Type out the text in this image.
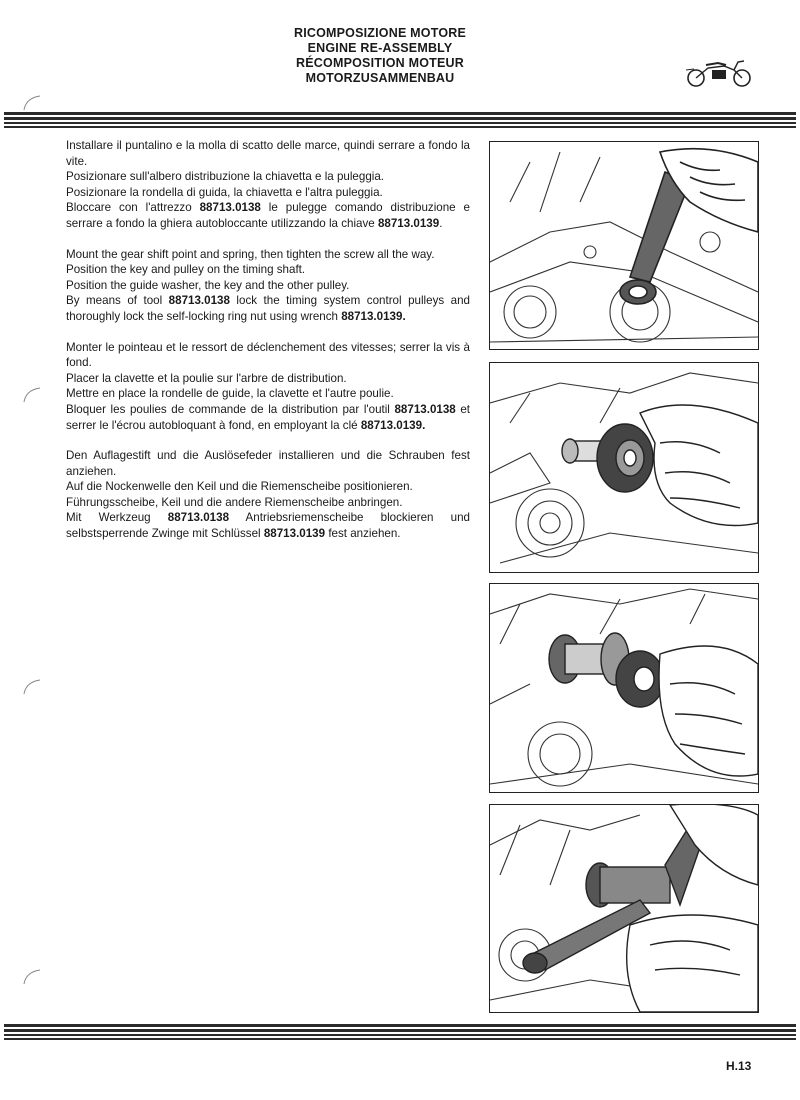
RICOMPOSIZIONE MOTORE
ENGINE RE-ASSEMBLY
RÉCOMPOSITION MOTEUR
MOTORZUSAMMENBAU

Installare il puntalino e la molla di scatto delle marce, quindi serrare a fondo la vite.
Posizionare sull'albero distribuzione la chiavetta e la puleggia.
Posizionare la rondella di guida, la chiavetta e l'altra puleggia.
Bloccare con l'attrezzo 88713.0138 le pulegge comando distribuzione e serrare a fondo la ghiera autobloccante utilizzando la chiave 88713.0139.

Mount the gear shift point and spring, then tighten the screw all the way.
Position the key and pulley on the timing shaft.
Position the guide washer, the key and the other pulley.
By means of tool 88713.0138 lock the timing system control pulleys and thoroughly lock the self-locking ring nut using wrench 88713.0139.

Monter le pointeau et le ressort de déclenchement des vitesses; serrer la vis à fond.
Placer la clavette et la poulie sur l'arbre de distribution.
Mettre en place la rondelle de guide, la clavette et l'autre poulie.
Bloquer les poulies de commande de la distribution par l'outil 88713.0138 et serrer le l'écrou autobloquant à fond, en employant la clé 88713.0139.

Den Auflagestift und die Auslösefeder installieren und die Schrauben fest anziehen.
Auf die Nockenwelle den Keil und die Riemenscheibe positionieren.
Führungsscheibe, Keil und die andere Riemenscheibe anbringen.
Mit Werkzeug 88713.0138 Antriebsriemenscheibe blockieren und selbstsperrende Zwinge mit Schlüssel 88713.0139 fest anziehen.

H.13
